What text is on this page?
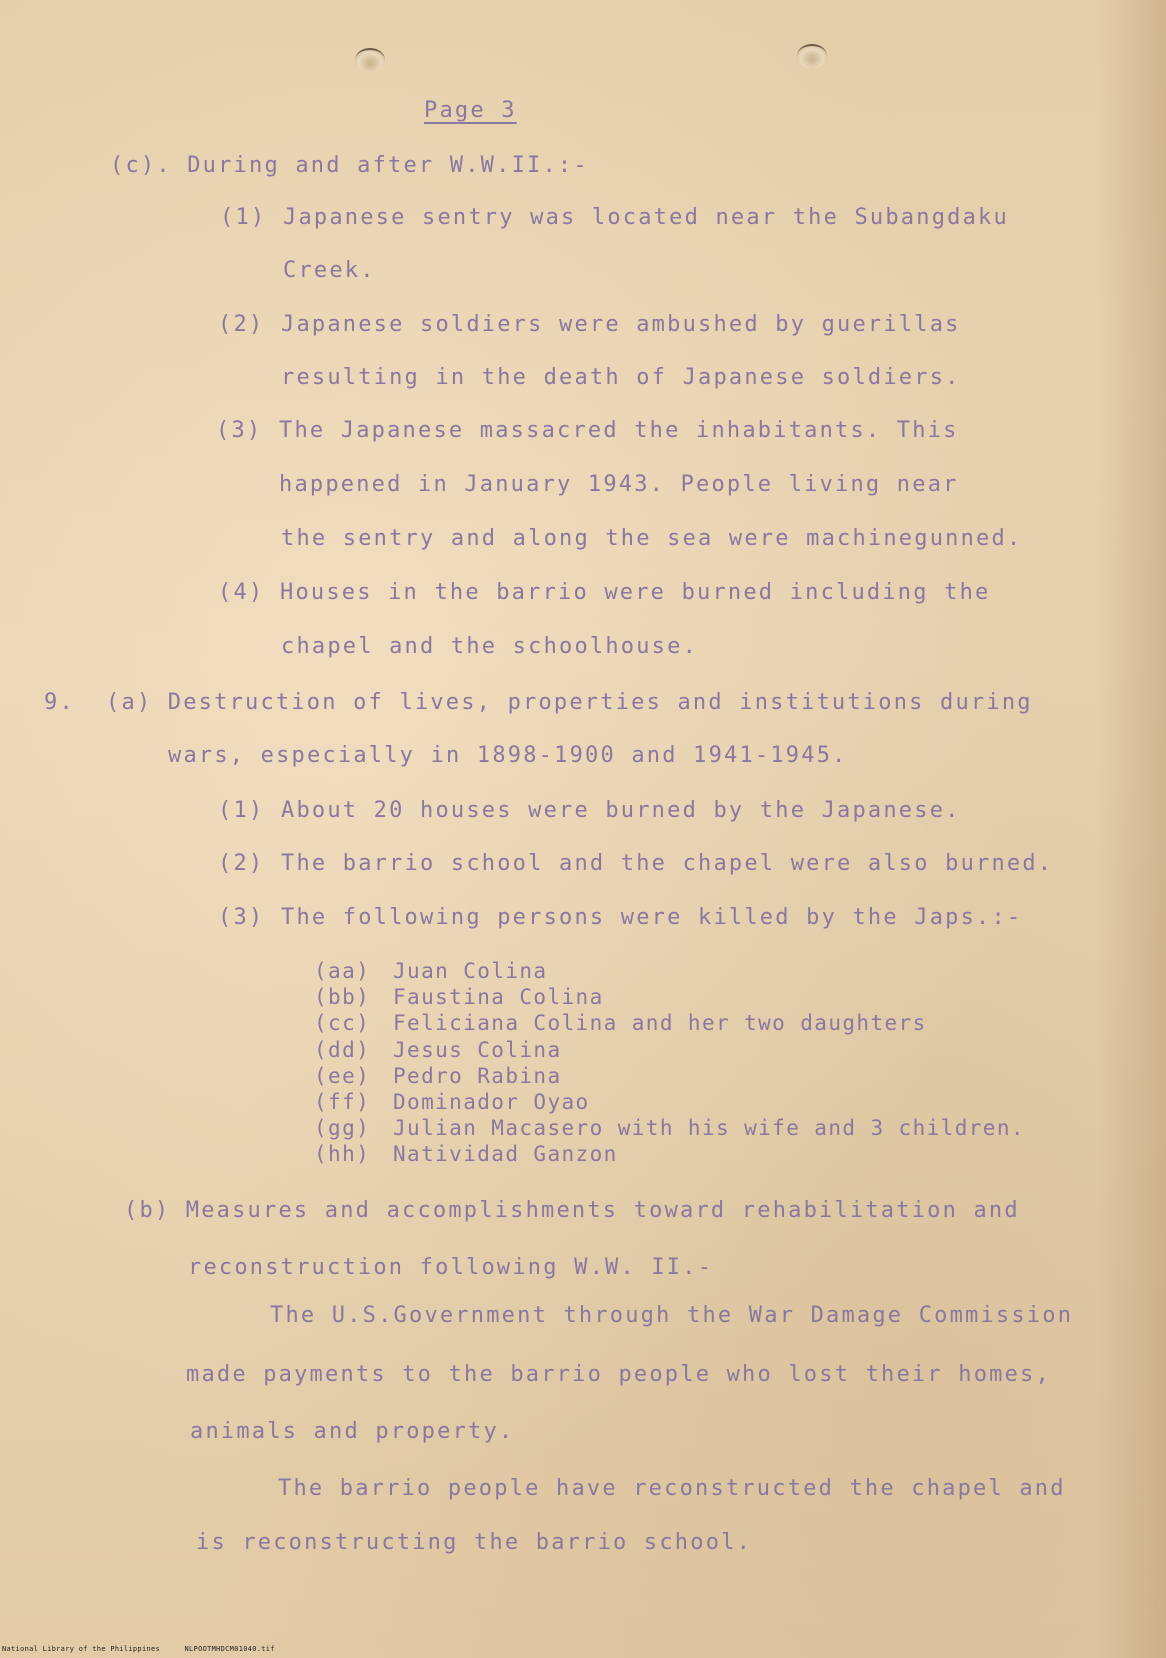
Page 3
(c). During and after W.W.II.:-
(1) Japanese sentry was located near the Subangdaku
Creek.
(2) Japanese soldiers were ambushed by guerillas
resulting in the death of Japanese soldiers.
(3) The Japanese massacred the inhabitants. This
happened in January 1943. People living near
the sentry and along the sea were machinegunned.
(4) Houses in the barrio were burned including the
chapel and the schoolhouse.
9. (a) Destruction of lives, properties and institutions during
wars, especially in 1898-1900 and 1941-1945.
(1) About 20 houses were burned by the Japanese.
(2) The barrio school and the chapel were also burned.
(3) The following persons were killed by the Japs.:-
(aa) Juan Colina
(bb) Faustina Colina
(cc) Feliciana Colina and her two daughters
(dd) Jesus Colina
(ee) Pedro Rabina
(ff) Dominador Oyao
(gg) Julian Macasero with his wife and 3 children.
(hh) Natividad Ganzon
(b) Measures and accomplishments toward rehabilitation and
reconstruction following W.W. II.-
The U.S.Government through the War Damage Commission
made payments to the barrio people who lost their homes,
animals and property.
The barrio people have reconstructed the chapel and
is reconstructing the barrio school.
National Library of the Philippines	NLPOOTMHDCM01040.tif
